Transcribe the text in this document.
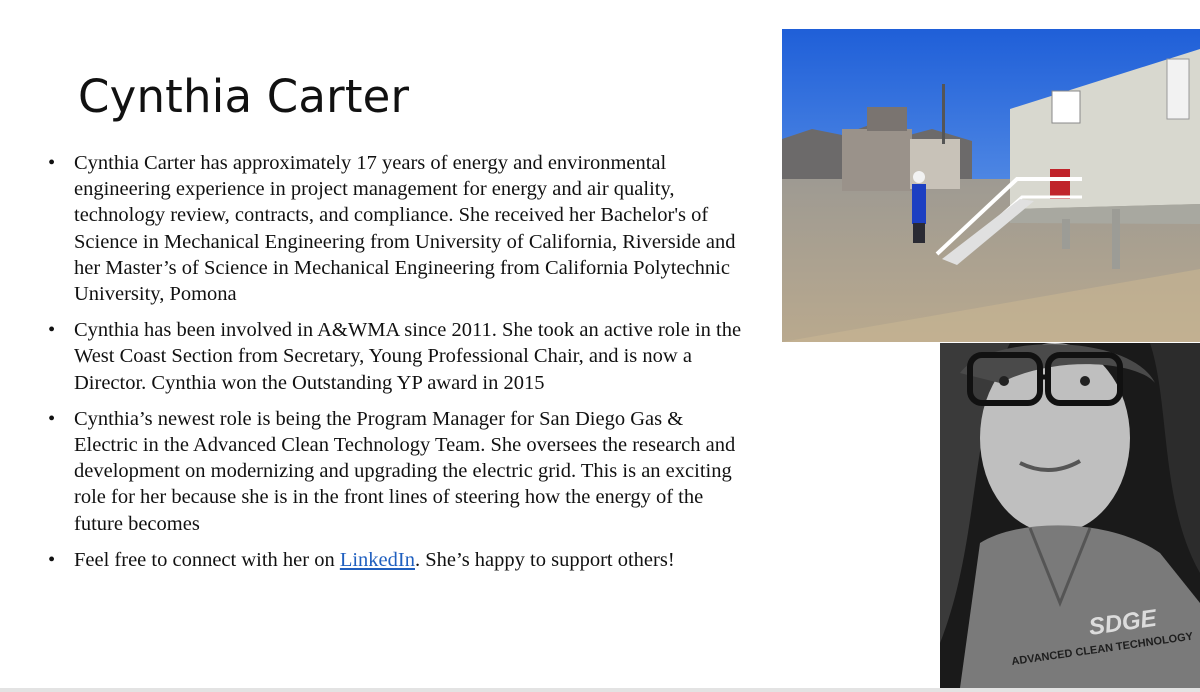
Cynthia Carter
• Cynthia Carter has approximately 17 years of energy and environmental engineering experience in project management for energy and air quality, technology review, contracts, and compliance. She received her Bachelor's of Science in Mechanical Engineering from University of California, Riverside and her Master’s of Science in Mechanical Engineering from California Polytechnic University, Pomona
• Cynthia has been involved in A&WMA since 2011. She took an active role in the West Coast Section from Secretary, Young Professional Chair, and is now a Director. Cynthia won the Outstanding YP award in 2015
• Cynthia’s newest role is being the Program Manager for San Diego Gas & Electric in the Advanced Clean Technology Team. She oversees the research and development on modernizing and upgrading the electric grid. This is an exciting role for her because she is in the front lines of steering how the energy of the future becomes
• Feel free to connect with her on LinkedIn. She’s happy to support others!
SDGE
ADVANCED CLEAN TECHNOLOGY
